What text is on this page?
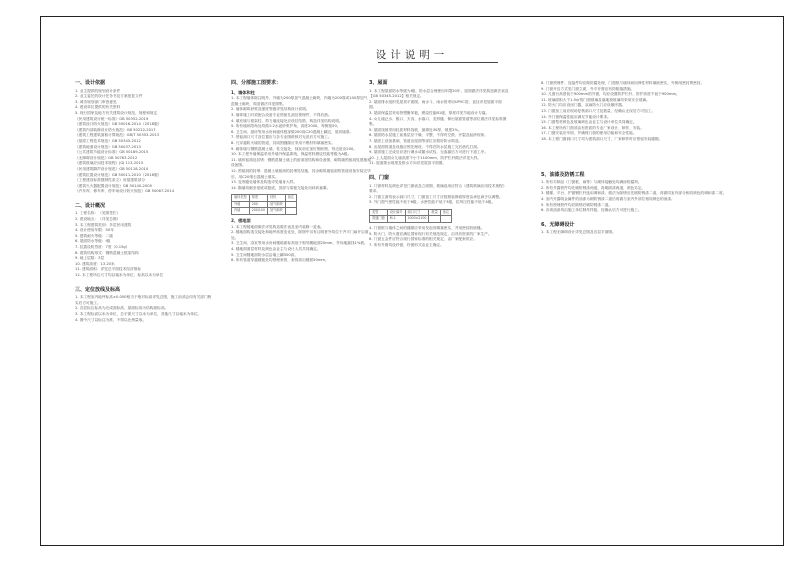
设计说明一
一、设计依据
1. 业主提供的规划设计条件
2. 业主委托的设计任务书及方案批复文件
3. 城市规划部门审查意见
4. 建设单位提供的有关资料
5. 现行国家及地方有关建筑设计规范、规程和规定
《民用建筑设计统一标准》GB 50352-2019
《建筑设计防火规范》GB 50016-2014（2018版）
《建筑内部装修设计防火规范》GB 50222-2017
《建筑工程建筑面积计算规范》GB/T 50353-2013
《屋面工程技术规范》GB 50345-2012
《建筑地面设计规范》GB 50037-2013
《公共建筑节能设计标准》GB 50189-2015
《无障碍设计规范》GB 50763-2012
《建筑玻璃应用技术规程》JGJ 113-2015
《民用建筑隔声设计规范》GB 50118-2010
《建筑抗震设计规范》GB 50011-2010（2016版）
《工程建设标准强制性条文》房屋建筑部分
《建筑灭火器配置设计规范》GB 50140-2005
《汽车库、修车库、停车场设计防火规范》GB 50067-2014
二、设计概况
1. 工程名称：（见图签栏）
2. 建设地点：（详见总图）
3. 本工程建筑类别：多层民用建筑
4. 设计使用年限：50年
5. 建筑耐火等级：二级
6. 屋面防水等级：Ⅰ级
7. 抗震设防烈度：7度（0.15g）
8. 建筑结构形式：钢筋混凝土框架结构
9. 地上层数：3层
10. 建筑高度：13.20米
11. 建筑面积：详见总平面技术经济指标
12. 本工程所注尺寸均以毫米为单位，标高以米为单位
三、定位放线及标高
1. 本工程室内地坪标高±0.000相当于绝对标高详见总图，施工前须会同有关部门核实后方可施工。
2. 各层标注标高为完成面标高，屋面标高为结构面标高。
3. 本工程标高以米为单位，总平面尺寸以米为单位，其他尺寸以毫米为单位。
4. 图中尺寸以标注为准，不得以比例量取。
四、分部施工图要求：
1、墙体和柱
1. 本工程墙体除注明外，外墙为200厚加气混凝土砌块，内墙为200厚或100厚加气混凝土砌块，构造做法详见图集。
2. 墙体砌筑砂浆及强度等级详见结构设计说明。
3. 墙体施工时须配合设备专业预留孔洞及预埋件，不得后凿。
4. 填充墙与框架柱、剪力墙连接处应设拉结筋，构造详见结构说明。
5. 所有墙体阳角处均做1:2水泥砂浆护角，高度2000，每侧宽50。
6. 卫生间、厨房等用水房间墙体根部做200高C20混凝土翻边，宽同墙厚。
7. 预留洞口尺寸及位置应与各专业图纸核对无误后方可施工。
8. 凡穿越防火墙的管道，其周围缝隙应采用不燃材料填塞密实。
9. 砌体墙与钢筋混凝土墙、柱交接处，抹灰前应加钉钢丝网，每边宽出200。
10. 本工程外墙保温采用外墙外保温系统，保温材料燃烧性能等级为A级。
11. 墙体留洞及封堵：钢筋混凝土墙上的留洞见结构和设备图，砌筑墙预留洞见建施和设备图。
12. 预留洞的封堵：混凝土墙留洞的封堵见结施，其余砌筑墙留洞待管道设备安装完毕后，用C20细石混凝土填实。
13. 变形缝处墙体及构造详见墙身大样。
14. 隔墙均砌至梁底或板底，顶部与梁板交接处用斜砖塞紧。
墙体类型	厚度	材料	备注
外墙	200	加气砌块	
内墙	200/100	加气砌块	
2、楼地面
1. 本工程楼地面做法详见构造做法表及室内装修一览表。
2. 楼地面构造交接处和地坪高度变化处，除图中另有注明者外均位于齐平门扇开启面处。
3. 卫生间、浴室等用水房间楼地面标高低于相邻楼地面20mm，并向地漏找1%坡。
4. 楼地面面层材料及颜色由业主与设计人员共同确定。
5. 卫生间楼地面防水层沿墙上翻300高。
6. 所有管道穿越楼板处均预埋套管，套管高出楼面50mm。
3、屋面
1. 本工程屋面防水等级为Ⅰ级，防水层合理使用年限20年，屋面做法详见构造做法表及【GB 50345-2012】相关规定。
2. 屋面排水组织见屋顶平面图，雨水斗、雨水管采用UPVC管，直径详见屋面平面图。
3. 屋面保温层采用挤塑聚苯板，燃烧性能B1级，厚度详见节能设计专篇。
4. 女儿墙泛水、檐口、天沟、水落口、变形缝、伸出屋面管道等部位做法详见标准图集。
5. 屋面找坡采用轻质材料找坡，最薄处30厚，坡度2%。
6. 屋面防水层施工前基层应干燥、平整，不得有空鼓、开裂及起砂现象。
7. 屋面上设备基础、管道出屋面等部位应做好防水构造。
8. 出屋面管道及设施应预先埋设，不得在防水层施工完后凿孔打洞。
9. 屋面施工完成后应进行淋水或蓄水试验，无渗漏后方可进行下道工序。
10. 上人屋面女儿墙高度不小于1100mm，防护栏杆做法详见大样。
11. 屋面排水坡度及排水方向详见屋顶平面图。
四、门窗
1. 门窗材料及颜色详见门窗表及立面图，玻璃选用应符合《建筑玻璃应用技术规程》要求。
2. 门窗立面均表示洞口尺寸，门窗加工尺寸应按照装修面厚度由承包商予以调整。
3. 外门窗气密性能不低于6级，水密性能不低于3级，抗风压性能不低于4级。
类型	设计编号	洞口尺寸	数量	备注
普通门窗	M-1	1000×2100		
4. 门窗框与墙体之间的缝隙应采用发泡剂填塞密实，并用密封胶嵌缝。
5. 防火门、防火窗应满足国家现行有关规范规定，由具有资质的厂家生产。
6. 门窗五金件应符合现行国家标准的相关规定，由厂家配套供应。
7. 所有外窗均设纱窗，纱窗形式由业主确定。
8. 门窗预埋件、连接件均应做防腐处理，门窗框与墙体间用弹性材料填嵌密实，外侧用密封膏密封。
9. 门窗开启方式见门窗立面，外平开窗应有防脱落措施。
10. 凡窗台高度低于900mm的外窗，均应设置防护栏杆，防护高度不低于900mm。
11. 玻璃面积大于1.5㎡的门窗玻璃及落地窗玻璃均采用安全玻璃。
12. 防火门均应设闭门器，双扇防火门应设顺序器。
13. 门窗加工前应现场复核洞口尺寸及数量，经确认无误后方可加工。
14. 外门窗保温性能应满足节能设计要求。
15. 门窗型材颜色及玻璃颜色由业主与设计单位共同确定。
16. 本工程所有门窗须由有资质的专业厂家设计、制作、安装。
17. 门窗安装应牢固，并确保门窗的使用功能和安全性能。
18. 本工程门窗洞口尺寸均为建筑洞口尺寸，厂家制作时应预留安装缝隙。
5、油漆及防锈工程
1. 所有木制品（门窗框、扇等）与砌体接触处均满涂防腐剂。
2. 所有外露铁件均先刷防锈漆两道，再刷面漆两道，颜色另定。
3. 楼梯、平台、护窗钢栏杆选用调和漆，做法为除锈后先刷防锈漆二道，再做同室内部分相同颜色的调和漆二度。
4. 室内外露明金属件的油漆为刷防锈漆二道后再做与室内外部位相同颜色的油漆。
5. 所有预埋铁件均应除锈后刷防锈漆二道。
6. 各项油漆均由施工单位制作样板，经确认后方可进行施工。
6、无障碍设计
1. 本工程无障碍设计详见总图及各层平面图。
